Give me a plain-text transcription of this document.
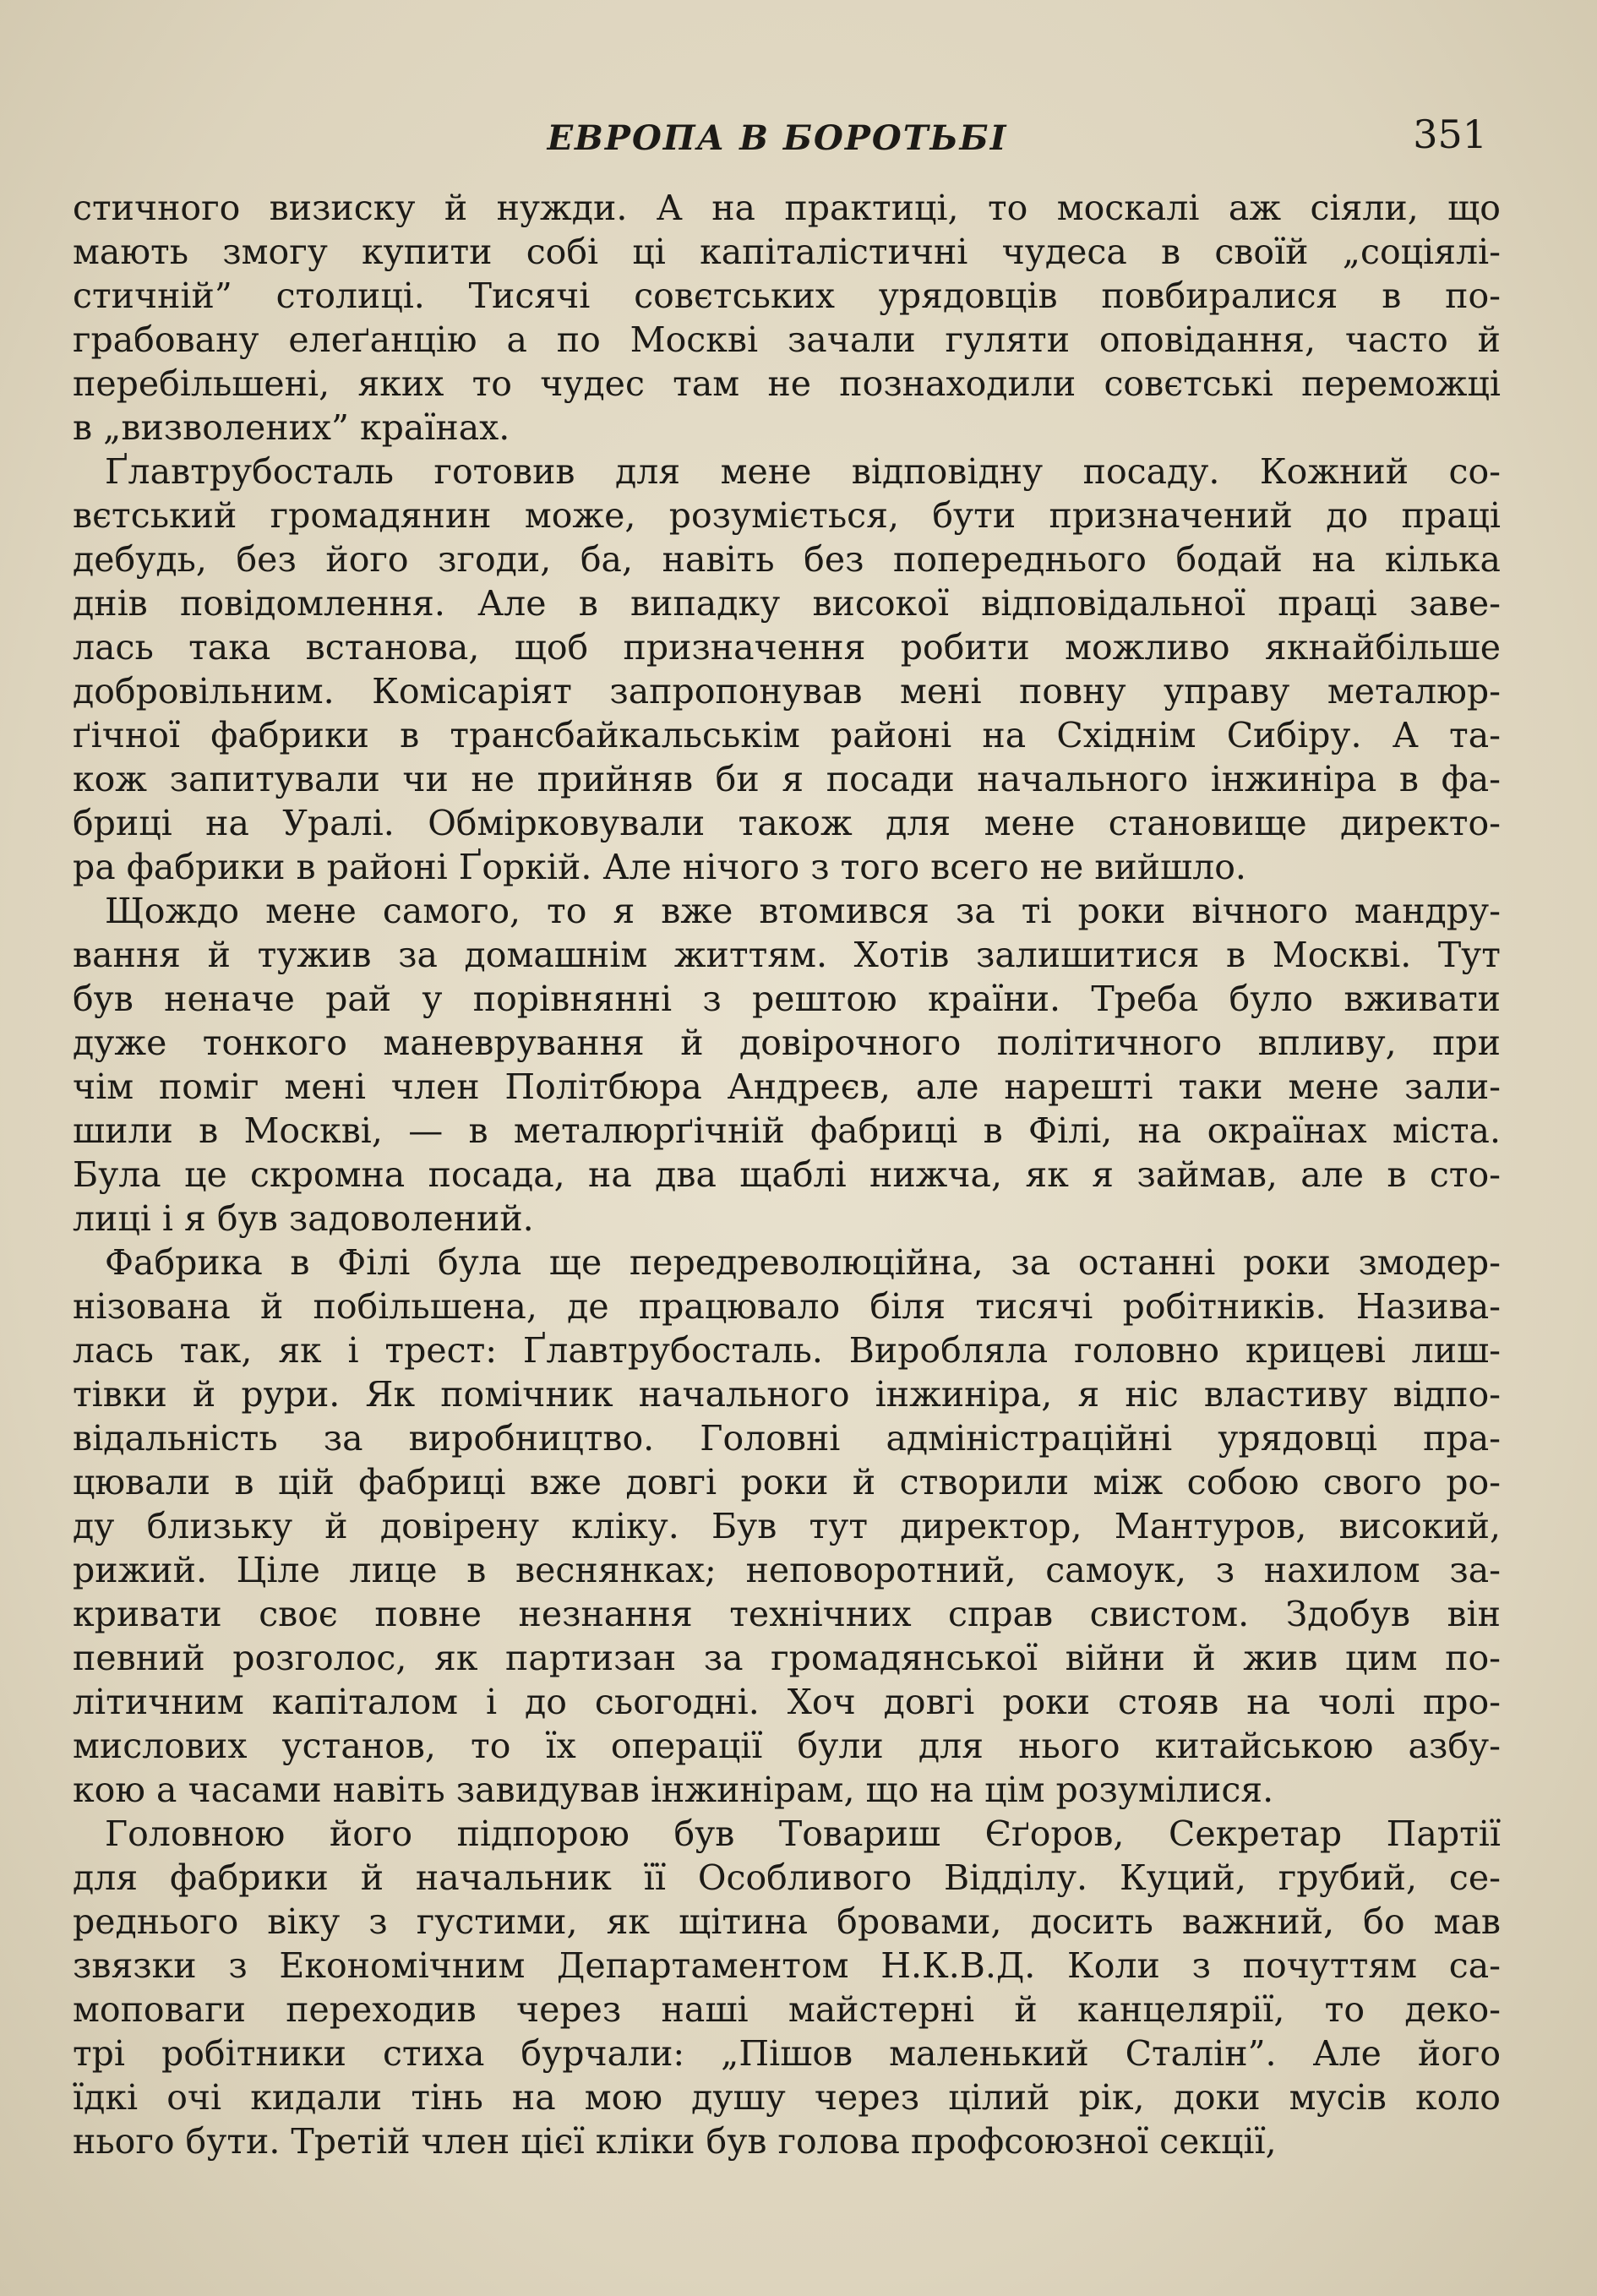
ЕВРОПА В БОРОТЬБІ	351
стичного визиску й нужди. А на практиці, то москалі аж сіяли, що
мають змогу купити собі ці капіталістичні чудеса в своїй „соціялі-
стичній” столиці. Тисячі совєтських урядовців повбиралися в по-
грабовану елеґанцію а по Москві зачали гуляти оповідання, часто й
перебільшені, яких то чудес там не познаходили совєтські переможці
в „визволених” країнах.
Ґлавтрубосталь готовив для мене відповідну посаду. Кожний со-
вєтський громадянин може, розуміється, бути призначений до праці
дебудь, без його згоди, ба, навіть без попереднього бодай на кілька
днів повідомлення. Але в випадку високої відповідальної праці заве-
лась така встанова, щоб призначення робити можливо якнайбільше
добровільним. Комісаріят запропонував мені повну управу металюр-
ґічної фабрики в трансбайкальськім районі на Східнім Сибіру. А та-
кож запитували чи не прийняв би я посади начального інжиніра в фа-
бриці на Уралі. Обмірковували також для мене становище директо-
ра фабрики в районі Ґоркій. Але нічого з того всего не вийшло.
Щождо мене самого, то я вже втомився за ті роки вічного мандру-
вання й тужив за домашнім життям. Хотів залишитися в Москві. Тут
був неначе рай у порівнянні з рештою країни. Треба було вживати
дуже тонкого маневрування й довірочного політичного впливу, при
чім поміг мені член Політбюра Андреєв, але нарешті таки мене зали-
шили в Москві, — в металюрґічній фабриці в Філі, на окраїнах міста.
Була це скромна посада, на два щаблі нижча, як я займав, але в сто-
лиці і я був задоволений.
Фабрика в Філі була ще передреволюційна, за останні роки змодер-
нізована й побільшена, де працювало біля тисячі робітників. Назива-
лась так, як і трест: Ґлавтрубосталь. Виробляла головно крицеві лиш-
тівки й рури. Як помічник начального інжиніра, я ніс властиву відпо-
відальність за виробництво. Головні адміністраційні урядовці пра-
цювали в цій фабриці вже довгі роки й створили між собою свого ро-
ду близьку й довірену кліку. Був тут директор, Мантуров, високий,
рижий. Ціле лице в веснянках; неповоротний, самоук, з нахилом за-
кривати своє повне незнання технічних справ свистом. Здобув він
певний розголос, як партизан за громадянської війни й жив цим по-
літичним капіталом і до сьогодні. Хоч довгі роки стояв на чолі про-
мислових установ, то їх операції були для нього китайською азбу-
кою а часами навіть завидував інжинірам, що на цім розумілися.
Головною його підпорою був Товариш Єґоров, Секретар Партії
для фабрики й начальник її Особливого Відділу. Куций, грубий, се-
реднього віку з густими, як щітина бровами, досить важний, бо мав
звязки з Економічним Департаментом Н.К.В.Д. Коли з почуттям са-
моповаги переходив через наші майстерні й канцелярії, то деко-
трі робітники стиха бурчали: „Пішов маленький Сталін”. Але його
їдкі очі кидали тінь на мою душу через цілий рік, доки мусів коло
нього бути. Третій член цієї кліки був голова профсоюзної секції,
